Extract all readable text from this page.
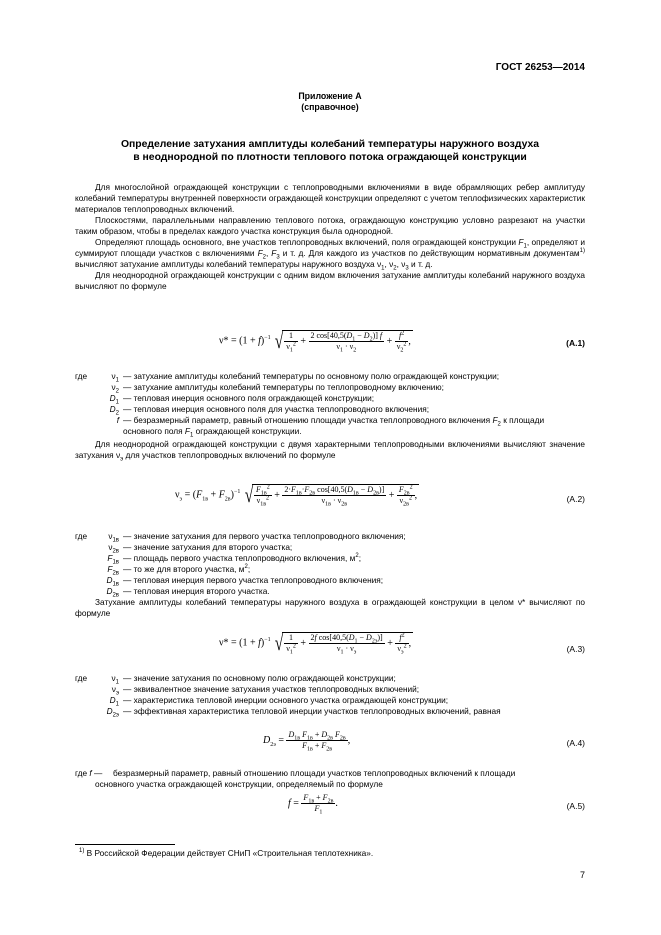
ГОСТ 26253—2014
Приложение А
(справочное)
Определение затухания амплитуды колебаний температуры наружного воздуха
в неоднородной по плотности теплового потока ограждающей конструкции

Для многослойной ограждающей конструкции с теплопроводными включениями в виде обрамляющих ребер амплитуду колебаний температуры внутренней поверхности ограждающей конструкции определяют с учетом теплофизических характеристик материалов теплопроводных включений.

Плоскостями, параллельными направлению теплового потока, ограждающую конструкцию условно разрезают на участки таким образом, чтобы в пределах каждого участка конструкция была однородной.

Определяют площадь основного, вне участков теплопроводных включений, поля ограждающей конструкции $F_1$, определяют и суммируют площади участков с включениями $F_2$, $F_3$ и т. д. Для каждого из участков по действующим нормативным документам$^{1)}$ вычисляют затухание амплитуды колебаний температуры наружного воздуха $\nu_1$, $\nu_2$, $\nu_3$ и т. д.

Для неоднородной ограждающей конструкции с одним видом включения затухание амплитуды колебаний наружного воздуха вычисляют по формуле

$\nu* = (1 + f)^{-1}$ √ $\frac{1}{\nu_1^2} + \frac{2 \cos[40,5(D_1 - D_2)] f}{\nu_1 \cdot \nu_2} + \frac{f^2}{\nu_2^2}$ ,	(А.1)
где	$\nu_1$ — затухание амплитуды колебаний температуры по основному полю ограждающей конструкции;
$\nu_2$ — затухание амплитуды колебаний температуры по теплопроводному включению;
$D_1$ — тепловая инерция основного поля ограждающей конструкции;
$D_2$ — тепловая инерция основного поля для участка теплопроводного включения;
f — безразмерный параметр, равный отношению площади участка теплопроводного включения $F_2$ к площади основного поля $F_1$ ограждающей конструкции.

Для неоднородной ограждающей конструкции с двумя характерными теплопроводными включениями вычисляют значение затухания $\nu_э$ для участков теплопроводных включений по формуле

$\nu_э = (F_{1в} + F_{2в})^{-1}$ √ $\frac{F_{1в}^2}{\nu_{1в}^2} + \frac{2\cdot F_{1в}\cdot F_{2в} \cos[40,5(D_{1в} - D_{2в})]}{\nu_{1в} \cdot \nu_{2в}} + \frac{F_{2в}^2}{\nu_{2в}^2}$ ,	(А.2)
где	$\nu_{1в}$ — значение затухания для первого участка теплопроводного включения;
$\nu_{2в}$ — значение затухания для второго участка;
$F_{1в}$ — площадь первого участка теплопроводного включения, $м^2$;
$F_{2в}$ — то же для второго участка, $м^2$;
$D_{1в}$ — тепловая инерция первого участка теплопроводного включения;
$D_{2в}$ — тепловая инерция второго участка.

Затухание амплитуды колебаний температуры наружного воздуха в ограждающей конструкции в целом ν* вычисляют по формуле

$\nu* = (1 + f)^{-1}$ √ $\frac{1}{\nu_1^2} + \frac{2f \cos[40,5(D_1 - D_{2э})]}{\nu_1 \cdot \nu_э} + \frac{f^2}{\nu_э^2}$ ,
(А.3)
где	$\nu_1$ — значение затухания по основному полю ограждающей конструкции;
$\nu_э$ — эквивалентное значение затухания участков теплопроводных включений;
$D_1$ — характеристика тепловой инерции основного участка ограждающей конструкции;
$D_{2э}$ — эффективная характеристика тепловой инерции участков теплопроводных включений, равная
$D_{2э} = \frac{D_{1в} F_{1в} + D_{2в} F_{2в}}{F_{1в} + F_{2в}}$ ,	(А.4)
где f — безразмерный параметр, равный отношению площади участков теплопроводных включений к площади
основного участка ограждающей конструкции, определяемый по формуле
$f = \frac{F_{1в} + F_{2в}}{F_1}$ .	(А.5)
$^{1)}$ В Российской Федерации действует СНиП «Строительная теплотехника».
7
